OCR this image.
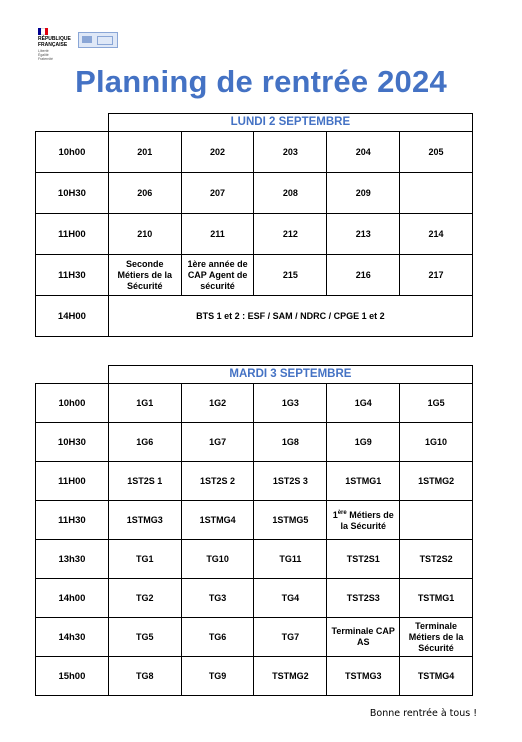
RÉPUBLIQUE
FRANÇAISE
Liberté
Égalité
Fraternité
Planning de rentrée 2024
	LUNDI 2 SEPTEMBRE				
10h00	201	202	203	204	205
10H30	206	207	208	209	
11H00	210	211	212	213	214
11H30	Seconde Métiers de la Sécurité	1ère année de CAP Agent de sécurité	215	216	217
14H00	BTS 1 et 2 : ESF / SAM / NDRC / CPGE 1 et 2				
	MARDI 3 SEPTEMBRE				
10h00	1G1	1G2	1G3	1G4	1G5
10H30	1G6	1G7	1G8	1G9	1G10
11H00	1ST2S 1	1ST2S 2	1ST2S 3	1STMG1	1STMG2
11H30	1STMG3	1STMG4	1STMG5	1ère Métiers de la Sécurité	
13h30	TG1	TG10	TG11	TST2S1	TST2S2
14h00	TG2	TG3	TG4	TST2S3	TSTMG1
14h30	TG5	TG6	TG7	Terminale CAP AS	Terminale Métiers de la Sécurité
15h00	TG8	TG9	TSTMG2	TSTMG3	TSTMG4
Bonne rentrée à tous !
